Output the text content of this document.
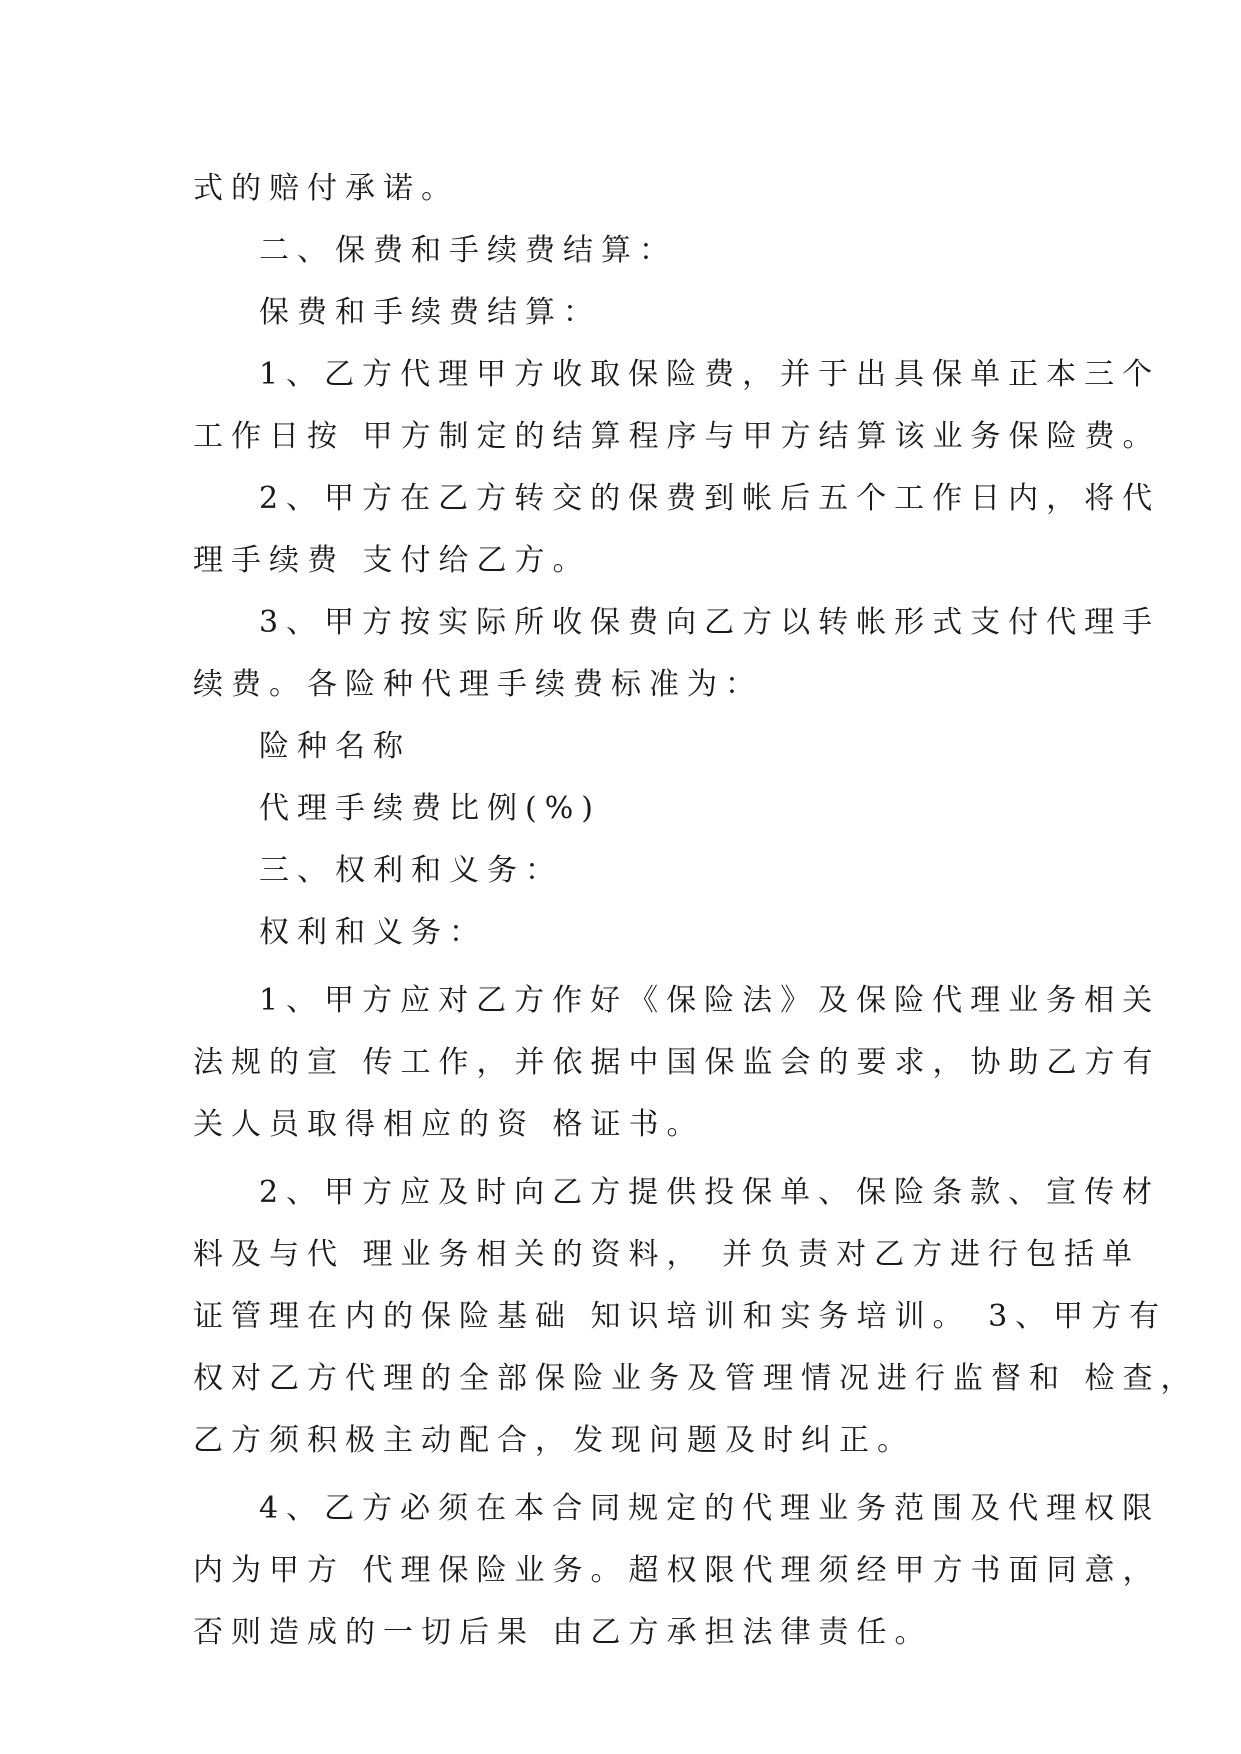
式的赔付承诺。
二、保费和手续费结算：
保费和手续费结算：
1、乙方代理甲方收取保险费，并于出具保单正本三个
工作日按 甲方制定的结算程序与甲方结算该业务保险费。
2、甲方在乙方转交的保费到帐后五个工作日内，将代
理手续费 支付给乙方。
3、甲方按实际所收保费向乙方以转帐形式支付代理手
续费。各险种代理手续费标准为：
险种名称
代理手续费比例(%)
三、权利和义务：
权利和义务：
1、甲方应对乙方作好《保险法》及保险代理业务相关
法规的宣 传工作，并依据中国保监会的要求，协助乙方有
关人员取得相应的资 格证书。
2、甲方应及时向乙方提供投保单、保险条款、宣传材
料及与代 理业务相关的资料， 并负责对乙方进行包括单
证管理在内的保险基础 知识培训和实务培训。 3、甲方有
权对乙方代理的全部保险业务及管理情况进行监督和 检查，
乙方须积极主动配合，发现问题及时纠正。
4、乙方必须在本合同规定的代理业务范围及代理权限
内为甲方 代理保险业务。超权限代理须经甲方书面同意，
否则造成的一切后果 由乙方承担法律责任。
